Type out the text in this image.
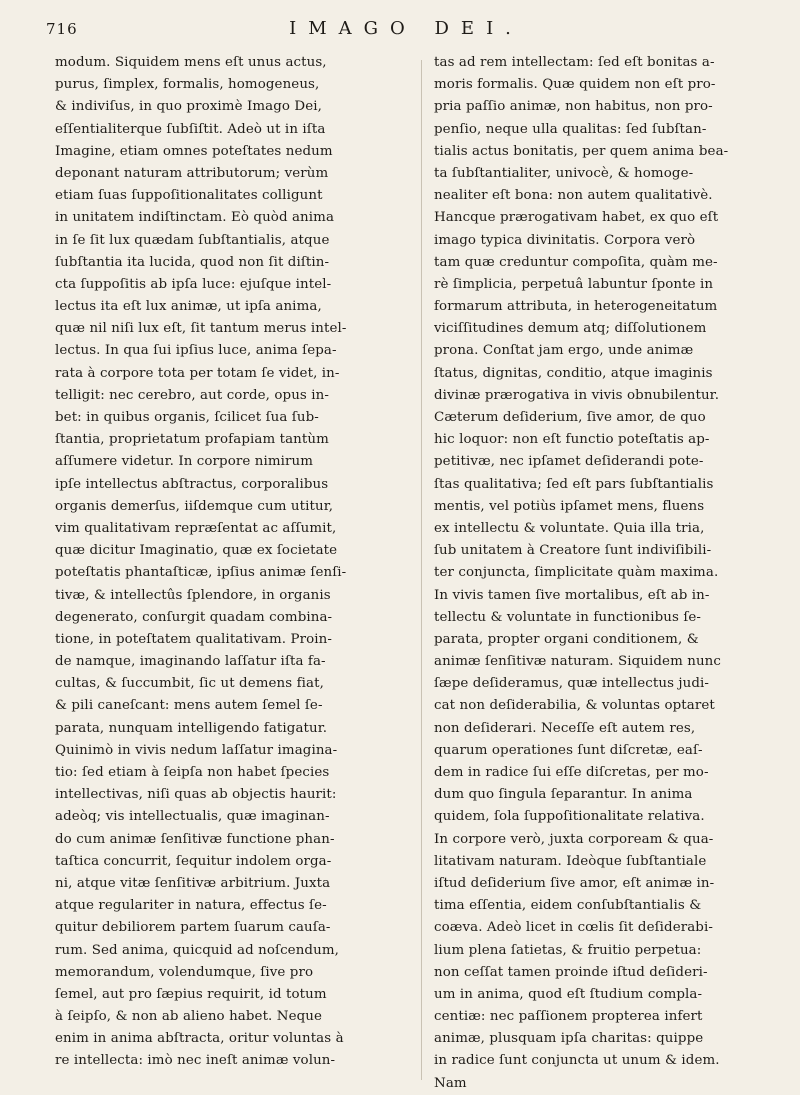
716	IMAGO DEI.
modum. Siquidem mens eſt unus actus,
purus, ſimplex, formalis, homogeneus,
& indiviſus, in quo proximè Imago Dei,
eſſentialiterque ſubſiſtit. Adeò ut in iſta
Imagine, etiam omnes poteſtates nedum
deponant naturam attributorum; verùm
etiam ſuas ſuppoſitionalitates colligunt
in unitatem indiſtinctam. Eò quòd anima
in ſe ſit lux quædam ſubſtantialis, atque
ſubſtantia ita lucida, quod non ſit diſtin-
cta ſuppoſitis ab ipſa luce: ejuſque intel-
lectus ita eſt lux animæ, ut ipſa anima,
quæ nil niſi lux eſt, ſit tantum merus intel-
lectus. In qua ſui ipſius luce, anima ſepa-
rata à corpore tota per totam ſe videt, in-
telligit: nec cerebro, aut corde, opus in-
bet: in quibus organis, ſcilicet ſua ſub-
ſtantia, proprietatum profapiam tantùm
aſſumere videtur. In corpore nimirum
ipſe intellectus abſtractus, corporalibus
organis demerſus, iiſdemque cum utitur,
vim qualitativam repræſentat ac aſſumit,
quæ dicitur Imaginatio, quæ ex ſocietate
poteſtatis phantaſticæ, ipſius animæ ſenſi-
tivæ, & intellectûs ſplendore, in organis
degenerato, conſurgit quadam combina-
tione, in poteſtatem qualitativam. Proin-
de namque, imaginando laſſatur iſta fa-
cultas, & ſuccumbit, ſic ut demens fiat,
& pili caneſcant: mens autem ſemel ſe-
parata, nunquam intelligendo fatigatur.
Quinimò in vivis nedum laſſatur imagina-
tio: ſed etiam à ſeipſa non habet ſpecies
intellectivas, niſi quas ab objectis haurit:
adeòq; vis intellectualis, quæ imaginan-
do cum animæ ſenſitivæ functione phan-
taſtica concurrit, ſequitur indolem orga-
ni, atque vitæ ſenſitivæ arbitrium. Juxta
atque regulariter in natura, effectus ſe-
quitur debiliorem partem ſuarum cauſa-
rum. Sed anima, quicquid ad noſcendum,
memorandum, volendumque, ſive pro
ſemel, aut pro ſæpius requirit, id totum
à ſeipſo, & non ab alieno habet. Neque
enim in anima abſtracta, oritur voluntas à
re intellecta: imò nec ineſt animæ volun-
tas ad rem intellectam: ſed eſt bonitas a-
moris formalis. Quæ quidem non eſt pro-
pria paſſio animæ, non habitus, non pro-
penſio, neque ulla qualitas: ſed ſubſtan-
tialis actus bonitatis, per quem anima bea-
ta ſubſtantialiter, univocè, & homoge-
nealiter eſt bona: non autem qualitativè.
Hancque prærogativam habet, ex quo eſt
imago typica divinitatis. Corpora verò
tam quæ creduntur compoſita, quàm me-
rè ſimplicia, perpetuâ labuntur ſponte in
formarum attributa, in heterogeneitatum
viciſſitudines demum atq; diſſolutionem
prona. Conſtat jam ergo, unde animæ
ſtatus, dignitas, conditio, atque imaginis
divinæ prærogativa in vivis obnubilentur.
Cæterum deſiderium, ſive amor, de quo
hic loquor: non eſt functio poteſtatis ap-
petitivæ, nec ipſamet deſiderandi pote-
ſtas qualitativa; ſed eſt pars ſubſtantialis
mentis, vel potiùs ipſamet mens, fluens
ex intellectu & voluntate. Quia illa tria,
ſub unitatem à Creatore ſunt indiviſibili-
ter conjuncta, ſimplicitate quàm maxima.
In vivis tamen ſive mortalibus, eſt ab in-
tellectu & voluntate in functionibus ſe-
parata, propter organi conditionem, &
animæ ſenſitivæ naturam. Siquidem nunc
ſæpe deſideramus, quæ intellectus judi-
cat non deſiderabilia, & voluntas optaret
non deſiderari. Neceſſe eſt autem res,
quarum operationes ſunt diſcretæ, eaſ-
dem in radice ſui eſſe diſcretas, per mo-
dum quo ſingula ſeparantur. In anima
quidem, ſola ſuppoſitionalitate relativa.
In corpore verò, juxta corpoream & qua-
litativam naturam. Ideòque ſubſtantiale
iſtud deſiderium ſive amor, eſt animæ in-
tima eſſentia, eidem conſubſtantialis &
coæva. Adeò licet in cœlis ſit deſiderabi-
lium plena ſatietas, & fruitio perpetua:
non ceſſat tamen proinde iſtud deſideri-
um in anima, quod eſt ſtudium compla-
centiæ: nec paſſionem propterea infert
animæ, plusquam ipſa charitas: quippe
in radice ſunt conjuncta ut unum & idem.
Nam
